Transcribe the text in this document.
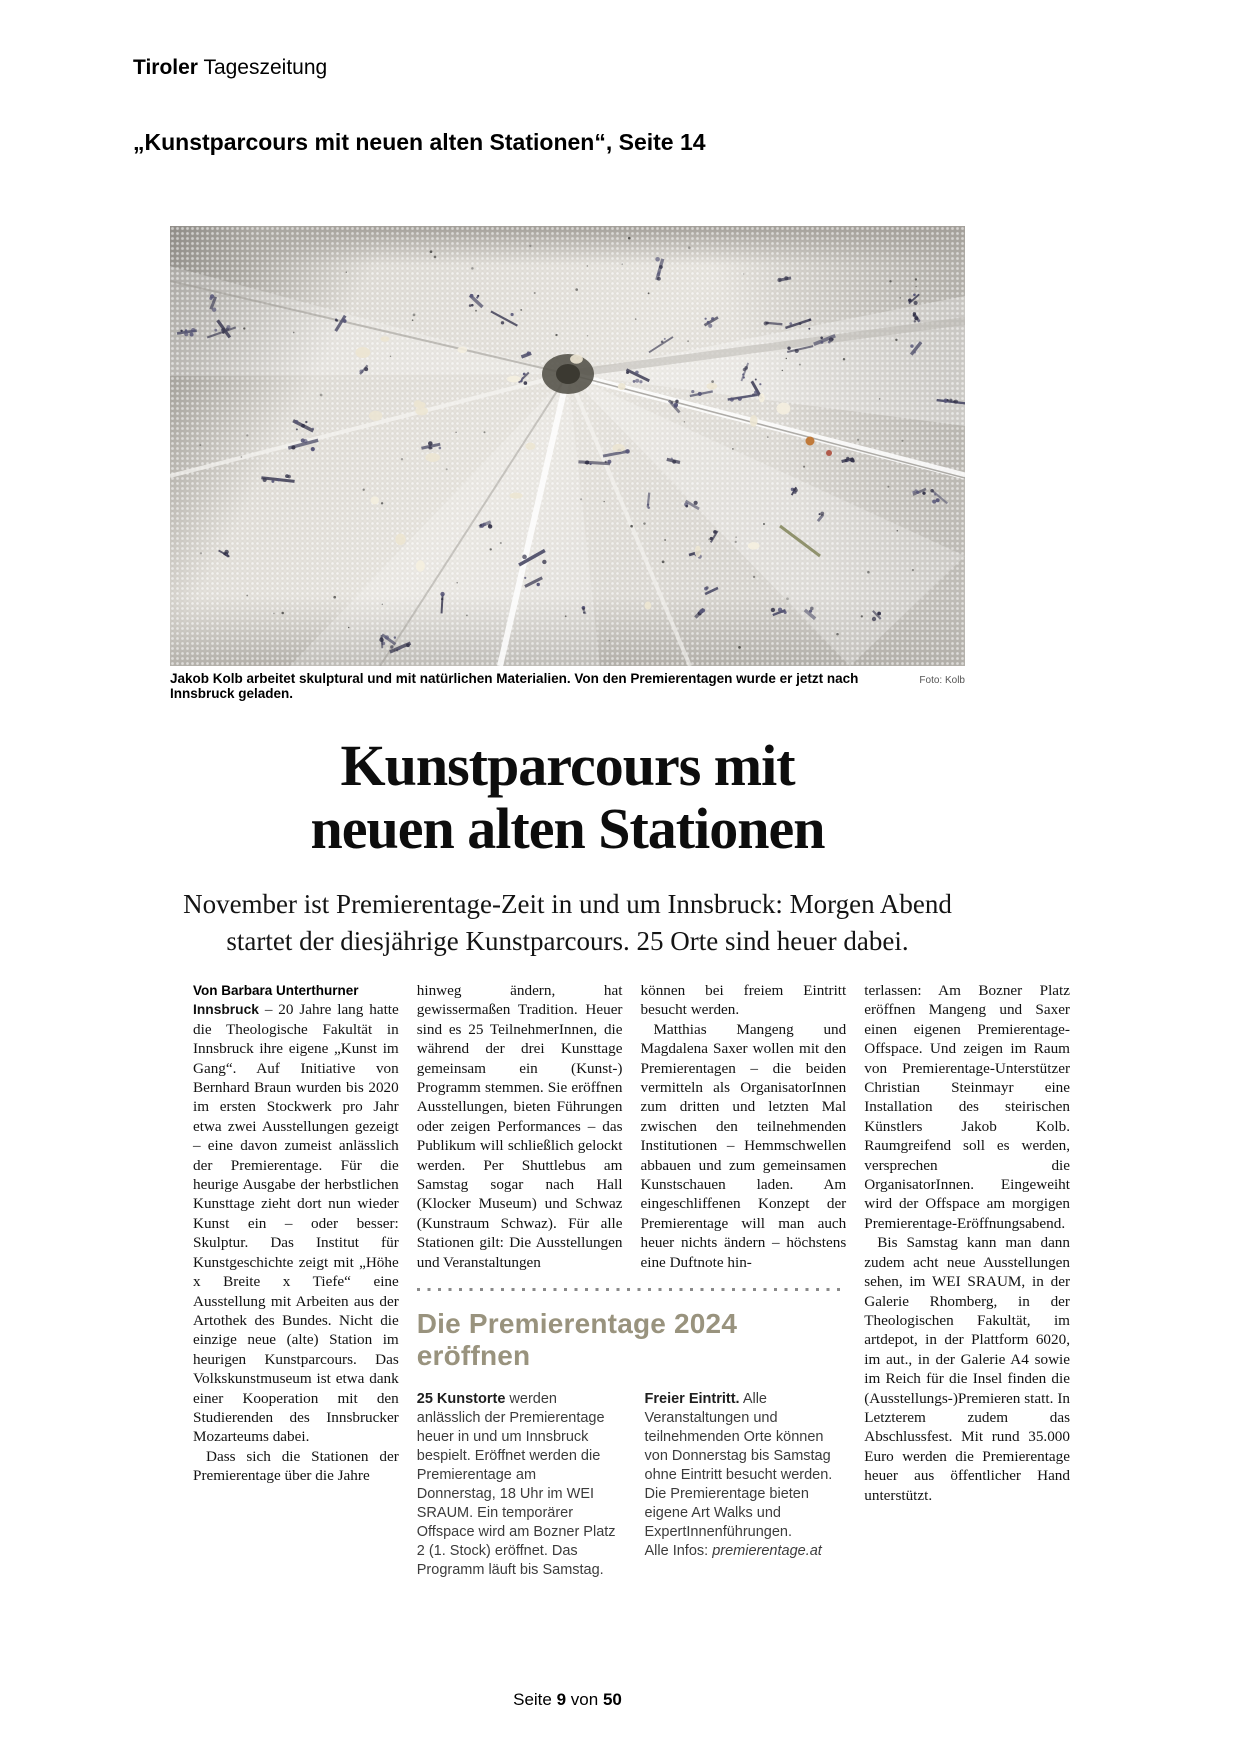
Tiroler Tageszeitung
„Kunstparcours mit neuen alten Stationen“, Seite 14
Jakob Kolb arbeitet skulptural und mit natürlichen Materialien. Von den Premierentagen wurde er jetzt nach Innsbruck geladen.
Foto: Kolb
Kunstparcours mit
neuen alten Stationen
November ist Premierentage-Zeit in und um Innsbruck: Morgen Abend
startet der diesjährige Kunstparcours. 25 Orte sind heuer dabei.

Von Barbara Unterthurner

Innsbruck – 20 Jahre lang hatte die Theologische Fakultät in Innsbruck ihre eigene „Kunst im Gang“. Auf Initiative von Bernhard Braun wurden bis 2020 im ersten Stockwerk pro Jahr etwa zwei Ausstellungen gezeigt – eine davon zumeist anlässlich der Premierentage. Für die heurige Ausgabe der herbstlichen Kunsttage zieht dort nun wieder Kunst ein – oder besser: Skulptur. Das Institut für Kunstgeschichte zeigt mit „Höhe x Breite x Tiefe“ eine Ausstellung mit Arbeiten aus der Artothek des Bundes. Nicht die einzige neue (alte) Station im heurigen Kunstparcours. Das Volkskunstmuseum ist etwa dank einer Kooperation mit den Studierenden des Innsbrucker Mozarteums dabei.

Dass sich die Stationen der Premierentage über die Jahre

hinweg ändern, hat gewissermaßen Tradition. Heuer sind es 25 TeilnehmerInnen, die während der drei Kunsttage gemeinsam ein (Kunst-) Programm stemmen. Sie eröffnen Ausstellungen, bieten Führungen oder zeigen Performances – das Publikum will schließlich gelockt werden. Per Shuttlebus am Samstag sogar nach Hall (Klocker Museum) und Schwaz (Kunstraum Schwaz). Für alle Stationen gilt: Die Ausstellungen und Veranstaltungen

können bei freiem Eintritt besucht werden.

Matthias Mangeng und Magdalena Saxer wollen mit den Premierentagen – die beiden vermitteln als OrganisatorInnen zum dritten und letzten Mal zwischen den teilnehmenden Institutionen – Hemmschwellen abbauen und zum gemeinsamen Kunstschauen laden. Am eingeschliffenen Konzept der Premierentage will man auch heuer nichts ändern – höchstens eine Duftnote hin-

terlassen: Am Bozner Platz eröffnen Mangeng und Saxer einen eigenen Premierentage-Offspace. Und zeigen im Raum von Premierentage-Unterstützer Christian Steinmayr eine Installation des steirischen Künstlers Jakob Kolb. Raumgreifend soll es werden, versprechen die OrganisatorInnen. Eingeweiht wird der Offspace am morgigen Premierentage-Eröffnungsabend.

Bis Samstag kann man dann zudem acht neue Ausstellungen sehen, im WEI SRAUM, in der Galerie Rhomberg, in der Theologischen Fakultät, im artdepot, in der Plattform 6020, im aut., in der Galerie A4 sowie im Reich für die Insel finden die (Ausstellungs-)Premieren statt. In Letzterem zudem das Abschlussfest. Mit rund 35.000 Euro werden die Premierentage heuer aus öffentlicher Hand unterstützt.

Die Premierentage 2024 eröffnen

25 Kunstorte werden anlässlich der Premierentage heuer in und um Innsbruck bespielt. Eröffnet werden die Premierentage am Donnerstag, 18 Uhr im WEI SRAUM. Ein temporärer Offspace wird am Bozner Platz 2 (1. Stock) eröffnet. Das Programm läuft bis Samstag.

Freier Eintritt. Alle Veranstaltungen und teilnehmenden Orte können von Donnerstag bis Samstag ohne Eintritt besucht werden. Die Premierentage bieten eigene Art Walks und ExpertInnenführungen.

Alle Infos: premierentage.at

Seite 9 von 50
